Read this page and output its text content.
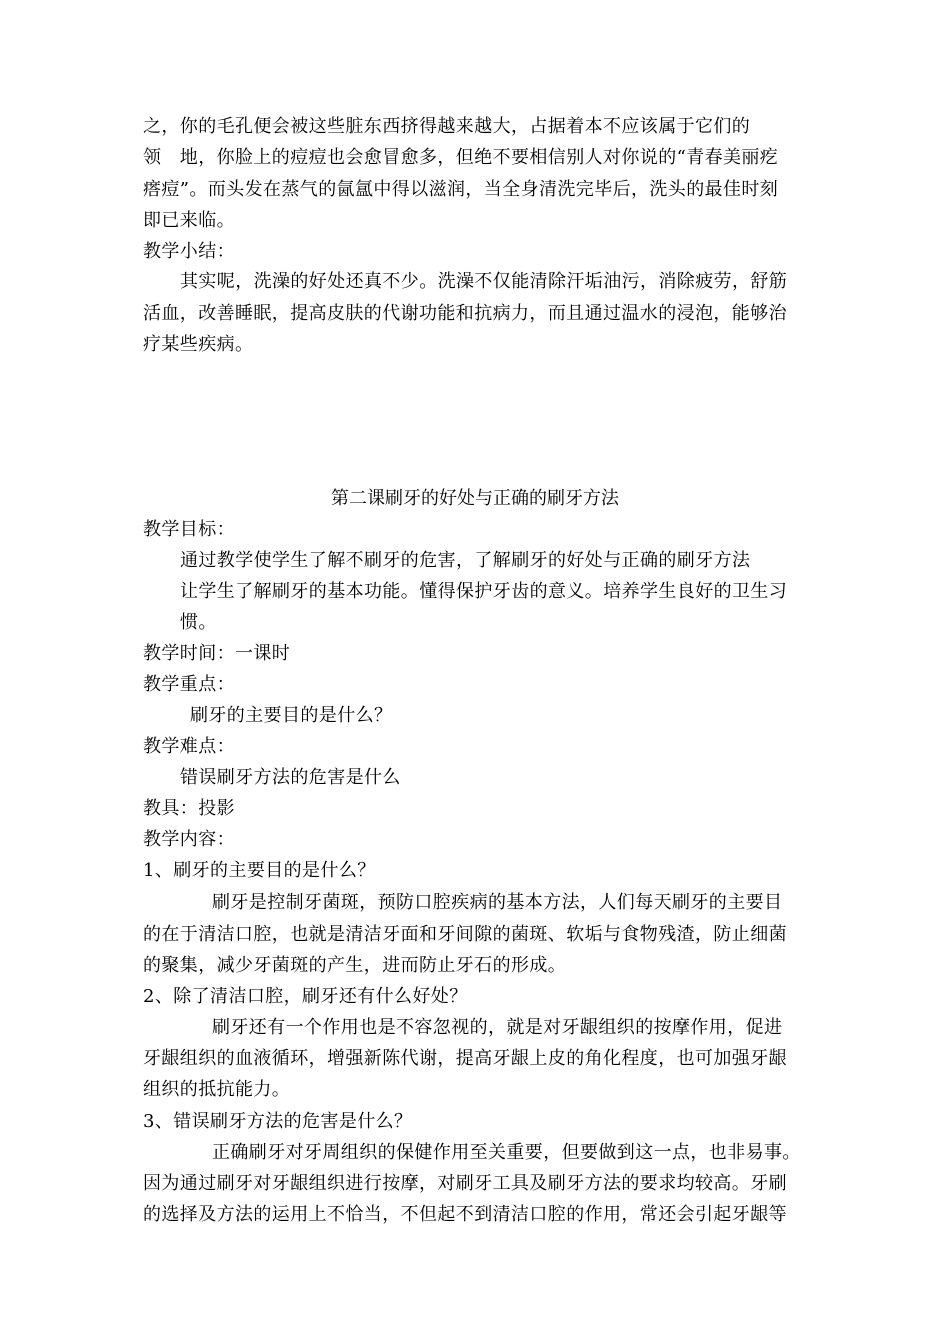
之，你的毛孔便会被这些脏东西挤得越来越大，占据着本不应该属于它们的
领　地，你脸上的痘痘也会愈冒愈多，但绝不要相信别人对你说的“青春美丽疙
瘩痘”。而头发在蒸气的氤氲中得以滋润，当全身清洗完毕后，洗头的最佳时刻
即已来临。
教学小结：
其实呢，洗澡的好处还真不少。洗澡不仅能清除汗垢油污，消除疲劳，舒筋
活血，改善睡眠，提高皮肤的代谢功能和抗病力，而且通过温水的浸泡，能够治
疗某些疾病。
第二课刷牙的好处与正确的刷牙方法
教学目标：
通过教学使学生了解不刷牙的危害，了解刷牙的好处与正确的刷牙方法
让学生了解刷牙的基本功能。懂得保护牙齿的意义。培养学生良好的卫生习
惯。
教学时间：一课时
教学重点：
刷牙的主要目的是什么？
教学难点：
错误刷牙方法的危害是什么
教具：投影
教学内容：
1、刷牙的主要目的是什么？
刷牙是控制牙菌斑，预防口腔疾病的基本方法，人们每天刷牙的主要目
的在于清洁口腔，也就是清洁牙面和牙间隙的菌斑、软垢与食物残渣，防止细菌
的聚集，减少牙菌斑的产生，进而防止牙石的形成。
2、除了清洁口腔，刷牙还有什么好处？
刷牙还有一个作用也是不容忽视的，就是对牙龈组织的按摩作用，促进
牙龈组织的血液循环，增强新陈代谢，提高牙龈上皮的角化程度，也可加强牙龈
组织的抵抗能力。
3、错误刷牙方法的危害是什么？
正确刷牙对牙周组织的保健作用至关重要，但要做到这一点，也非易事。
因为通过刷牙对牙龈组织进行按摩，对刷牙工具及刷牙方法的要求均较高。牙刷
的选择及方法的运用上不恰当，不但起不到清洁口腔的作用，常还会引起牙龈等
